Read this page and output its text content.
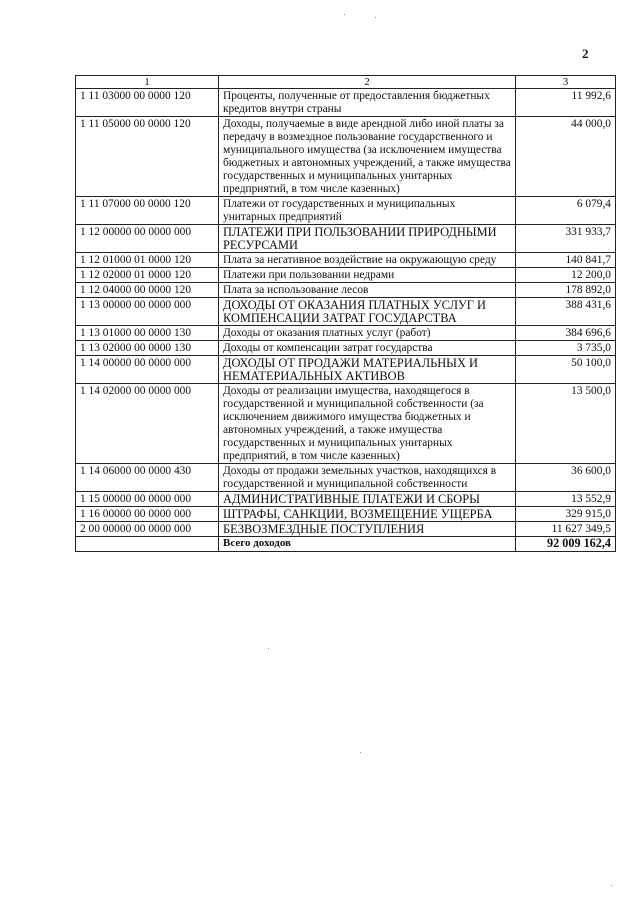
2
1	2	3
1 11 03000 00 0000 120	Проценты, полученные от предоставления бюджетных кредитов внутри страны	11 992,6
1 11 05000 00 0000 120	Доходы, получаемые в виде арендной либо иной платы за передачу в возмездное пользование государственного и муниципального имущества (за исключением имущества бюджетных и автономных учреждений, а также имущества государственных и муниципальных унитарных предприятий, в том числе казенных)	44 000,0
1 11 07000 00 0000 120	Платежи от государственных и муниципальных унитарных предприятий	6 079,4
1 12 00000 00 0000 000	ПЛАТЕЖИ ПРИ ПОЛЬЗОВАНИИ ПРИРОДНЫМИ РЕСУРСАМИ	331 933,7
1 12 01000 01 0000 120	Плата за негативное воздействие на окружающую среду	140 841,7
1 12 02000 01 0000 120	Платежи при пользовании недрами	12 200,0
1 12 04000 00 0000 120	Плата за использование лесов	178 892,0
1 13 00000 00 0000 000	ДОХОДЫ ОТ ОКАЗАНИЯ ПЛАТНЫХ УСЛУГ И КОМПЕНСАЦИИ ЗАТРАТ ГОСУДАРСТВА	388 431,6
1 13 01000 00 0000 130	Доходы от оказания платных услуг (работ)	384 696,6
1 13 02000 00 0000 130	Доходы от компенсации затрат государства	3 735,0
1 14 00000 00 0000 000	ДОХОДЫ ОТ ПРОДАЖИ МАТЕРИАЛЬНЫХ И НЕМАТЕРИАЛЬНЫХ АКТИВОВ	50 100,0
1 14 02000 00 0000 000	Доходы от реализации имущества, находящегося в государственной и муниципальной собственности (за исключением движимого имущества бюджетных и автономных учреждений, а также имущества государственных и муниципальных унитарных предприятий, в том числе казенных)	13 500,0
1 14 06000 00 0000 430	Доходы от продажи земельных участков, находящихся в государственной и муниципальной собственности	36 600,0
1 15 00000 00 0000 000	АДМИНИСТРАТИВНЫЕ ПЛАТЕЖИ И СБОРЫ	13 552,9
1 16 00000 00 0000 000	ШТРАФЫ, САНКЦИИ, ВОЗМЕЩЕНИЕ УЩЕРБА	329 915,0
2 00 00000 00 0000 000	БЕЗВОЗМЕЗДНЫЕ ПОСТУПЛЕНИЯ	11 627 349,5
	Всего доходов	92 009 162,4
